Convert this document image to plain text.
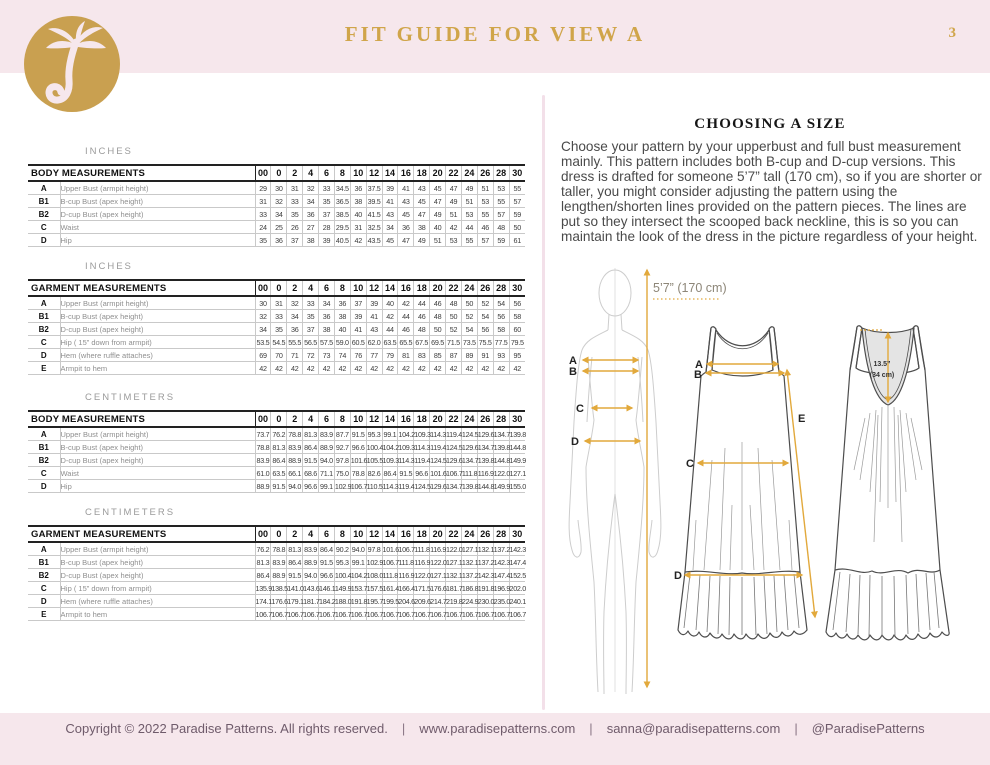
FIT GUIDE FOR VIEW A	3
INCHES
BODY MEASUREMENTS		00	0	2	4	6	8	10	12	14	16	18	20	22	24	26	28	30
A	Upper Bust (armpit height)	29	30	31	32	33	34.5	36	37.5	39	41	43	45	47	49	51	53	55
B1	B-cup Bust (apex height)	31	32	33	34	35	36.5	38	39.5	41	43	45	47	49	51	53	55	57
B2	D-cup Bust (apex height)	33	34	35	36	37	38.5	40	41.5	43	45	47	49	51	53	55	57	59
C	Waist	24	25	26	27	28	29.5	31	32.5	34	36	38	40	42	44	46	48	50
D	Hip	35	36	37	38	39	40.5	42	43.5	45	47	49	51	53	55	57	59	61
INCHES
GARMENT MEASUREMENTS		00	0	2	4	6	8	10	12	14	16	18	20	22	24	26	28	30
A	Upper Bust (armpit height)	30	31	32	33	34	36	37	39	40	42	44	46	48	50	52	54	56
B1	B-cup Bust (apex height)	32	33	34	35	36	38	39	41	42	44	46	48	50	52	54	56	58
B2	D-cup Bust (apex height)	34	35	36	37	38	40	41	43	44	46	48	50	52	54	56	58	60
C	Hip ( 15” down from armpit)	53.5	54.5	55.5	56.5	57.5	59.0	60.5	62.0	63.5	65.5	67.5	69.5	71.5	73.5	75.5	77.5	79.5
D	Hem (where ruffle attaches)	69	70	71	72	73	74	76	77	79	81	83	85	87	89	91	93	95
E	Armpit to hem	42	42	42	42	42	42	42	42	42	42	42	42	42	42	42	42	42
CENTIMETERS
BODY MEASUREMENTS		00	0	2	4	6	8	10	12	14	16	18	20	22	24	26	28	30
A	Upper Bust (armpit height)	73.7	76.2	78.8	81.3	83.9	87.7	91.5	95.3	99.1	104.2	109.3	114.3	119.4	124.5	129.6	134.7	139.8
B1	B-cup Bust (apex height)	78.8	81.3	83.9	86.4	88.9	92.7	96.6	100.4	104.2	109.3	114.3	119.4	124.5	129.6	134.7	139.8	144.8
B2	D-cup Bust (apex height)	83.9	86.4	88.9	91.5	94.0	97.8	101.6	105.5	109.3	114.3	119.4	124.5	129.6	134.7	139.8	144.8	149.9
C	Waist	61.0	63.5	66.1	68.6	71.1	75.0	78.8	82.6	86.4	91.5	96.6	101.6	106.7	111.8	116.9	122.0	127.1
D	Hip	88.9	91.5	94.0	96.6	99.1	102.9	106.7	110.5	114.3	119.4	124.5	129.6	134.7	139.8	144.8	149.9	155.0
CENTIMETERS
GARMENT MEASUREMENTS		00	0	2	4	6	8	10	12	14	16	18	20	22	24	26	28	30
A	Upper Bust (armpit height)	76.2	78.8	81.3	83.9	86.4	90.2	94.0	97.8	101.6	106.7	111.8	116.9	122.0	127.1	132.1	137.2	142.3
B1	B-cup Bust (apex height)	81.3	83.9	86.4	88.9	91.5	95.3	99.1	102.9	106.7	111.8	116.9	122.0	127.1	132.1	137.2	142.3	147.4
B2	D-cup Bust (apex height)	86.4	88.9	91.5	94.0	96.6	100.4	104.2	108.0	111.8	116.9	122.0	127.1	132.1	137.2	142.3	147.4	152.5
C	Hip ( 15” down from armpit)	135.9	138.5	141.0	143.6	146.1	149.9	153.7	157.5	161.4	166.4	171.5	176.6	181.7	186.8	191.8	196.9	202.0
D	Hem (where ruffle attaches)	174.1	176.6	179.1	181.7	184.2	188.0	191.8	195.7	199.5	204.6	209.6	214.7	219.8	224.9	230.0	235.0	240.1
E	Armpit to hem	106.7	106.7	106.7	106.7	106.7	106.7	106.7	106.7	106.7	106.7	106.7	106.7	106.7	106.7	106.7	106.7	106.7
CHOOSING A SIZE

Choose your pattern by your upperbust and full bust measurement mainly. This pattern includes both B-cup and D-cup versions. This dress is drafted for someone 5’7” tall (170 cm), so if you are shorter or taller, you might consider adjusting the pattern using the lengthen/shorten lines provided on the pattern pieces. The lines are put so they intersect the scooped back neckline, this is so you can maintain the look of the dress in the picture regardless of your height.

A
B
C
D
5’7” (170 cm)
A
B
C
D
E
13.5”
(34 cm)
Copyright © 2022 Paradise Patterns. All rights reserved. | www.paradisepatterns.com | sanna@paradisepatterns.com | @ParadisePatterns
